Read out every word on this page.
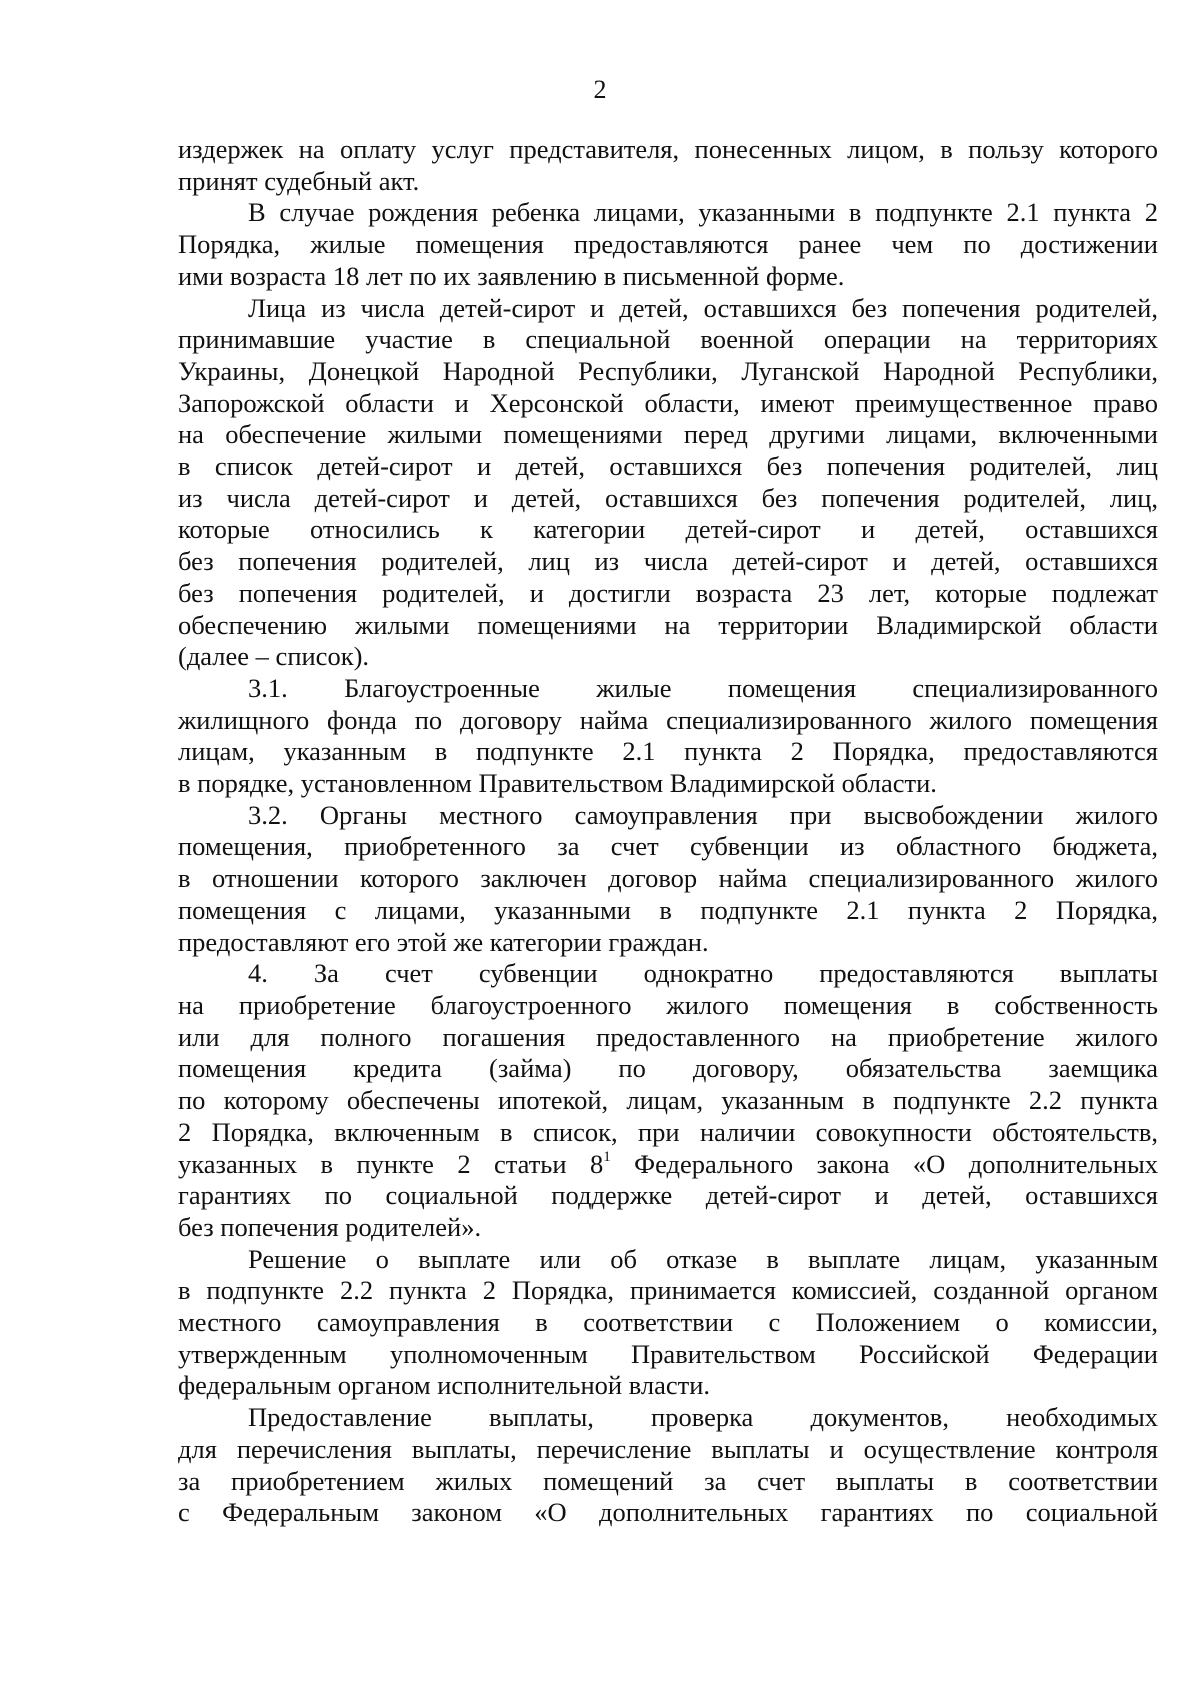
2
издержек на оплату услуг представителя, понесенных лицом, в пользу которого
принят судебный акт.
В случае рождения ребенка лицами, указанными в подпункте 2.1 пункта 2
Порядка, жилые помещения предоставляются ранее чем по достижении
ими возраста 18 лет по их заявлению в письменной форме.
Лица из числа детей-сирот и детей, оставшихся без попечения родителей,
принимавшие участие в специальной военной операции на территориях
Украины, Донецкой Народной Республики, Луганской Народной Республики,
Запорожской области и Херсонской области, имеют преимущественное право
на обеспечение жилыми помещениями перед другими лицами, включенными
в список детей-сирот и детей, оставшихся без попечения родителей, лиц
из числа детей-сирот и детей, оставшихся без попечения родителей, лиц,
которые относились к категории детей-сирот и детей, оставшихся
без попечения родителей, лиц из числа детей-сирот и детей, оставшихся
без попечения родителей, и достигли возраста 23 лет, которые подлежат
обеспечению жилыми помещениями на территории Владимирской области
(далее – список).
3.1. Благоустроенные жилые помещения специализированного
жилищного фонда по договору найма специализированного жилого помещения
лицам, указанным в подпункте 2.1 пункта 2 Порядка, предоставляются
в порядке, установленном Правительством Владимирской области.
3.2. Органы местного самоуправления при высвобождении жилого
помещения, приобретенного за счет субвенции из областного бюджета,
в отношении которого заключен договор найма специализированного жилого
помещения с лицами, указанными в подпункте 2.1 пункта 2 Порядка,
предоставляют его этой же категории граждан.
4. За счет субвенции однократно предоставляются выплаты
на приобретение благоустроенного жилого помещения в собственность
или для полного погашения предоставленного на приобретение жилого
помещения кредита (займа) по договору, обязательства заемщика
по которому обеспечены ипотекой, лицам, указанным в подпункте 2.2 пункта
2 Порядка, включенным в список, при наличии совокупности обстоятельств,
указанных в пункте 2 статьи $8^1$ Федерального закона «О дополнительных
гарантиях по социальной поддержке детей-сирот и детей, оставшихся
без попечения родителей».
Решение о выплате или об отказе в выплате лицам, указанным
в подпункте 2.2 пункта 2 Порядка, принимается комиссией, созданной органом
местного самоуправления в соответствии с Положением о комиссии,
утвержденным уполномоченным Правительством Российской Федерации
федеральным органом исполнительной власти.
Предоставление выплаты, проверка документов, необходимых
для перечисления выплаты, перечисление выплаты и осуществление контроля
за приобретением жилых помещений за счет выплаты в соответствии
с Федеральным законом «О дополнительных гарантиях по социальной
